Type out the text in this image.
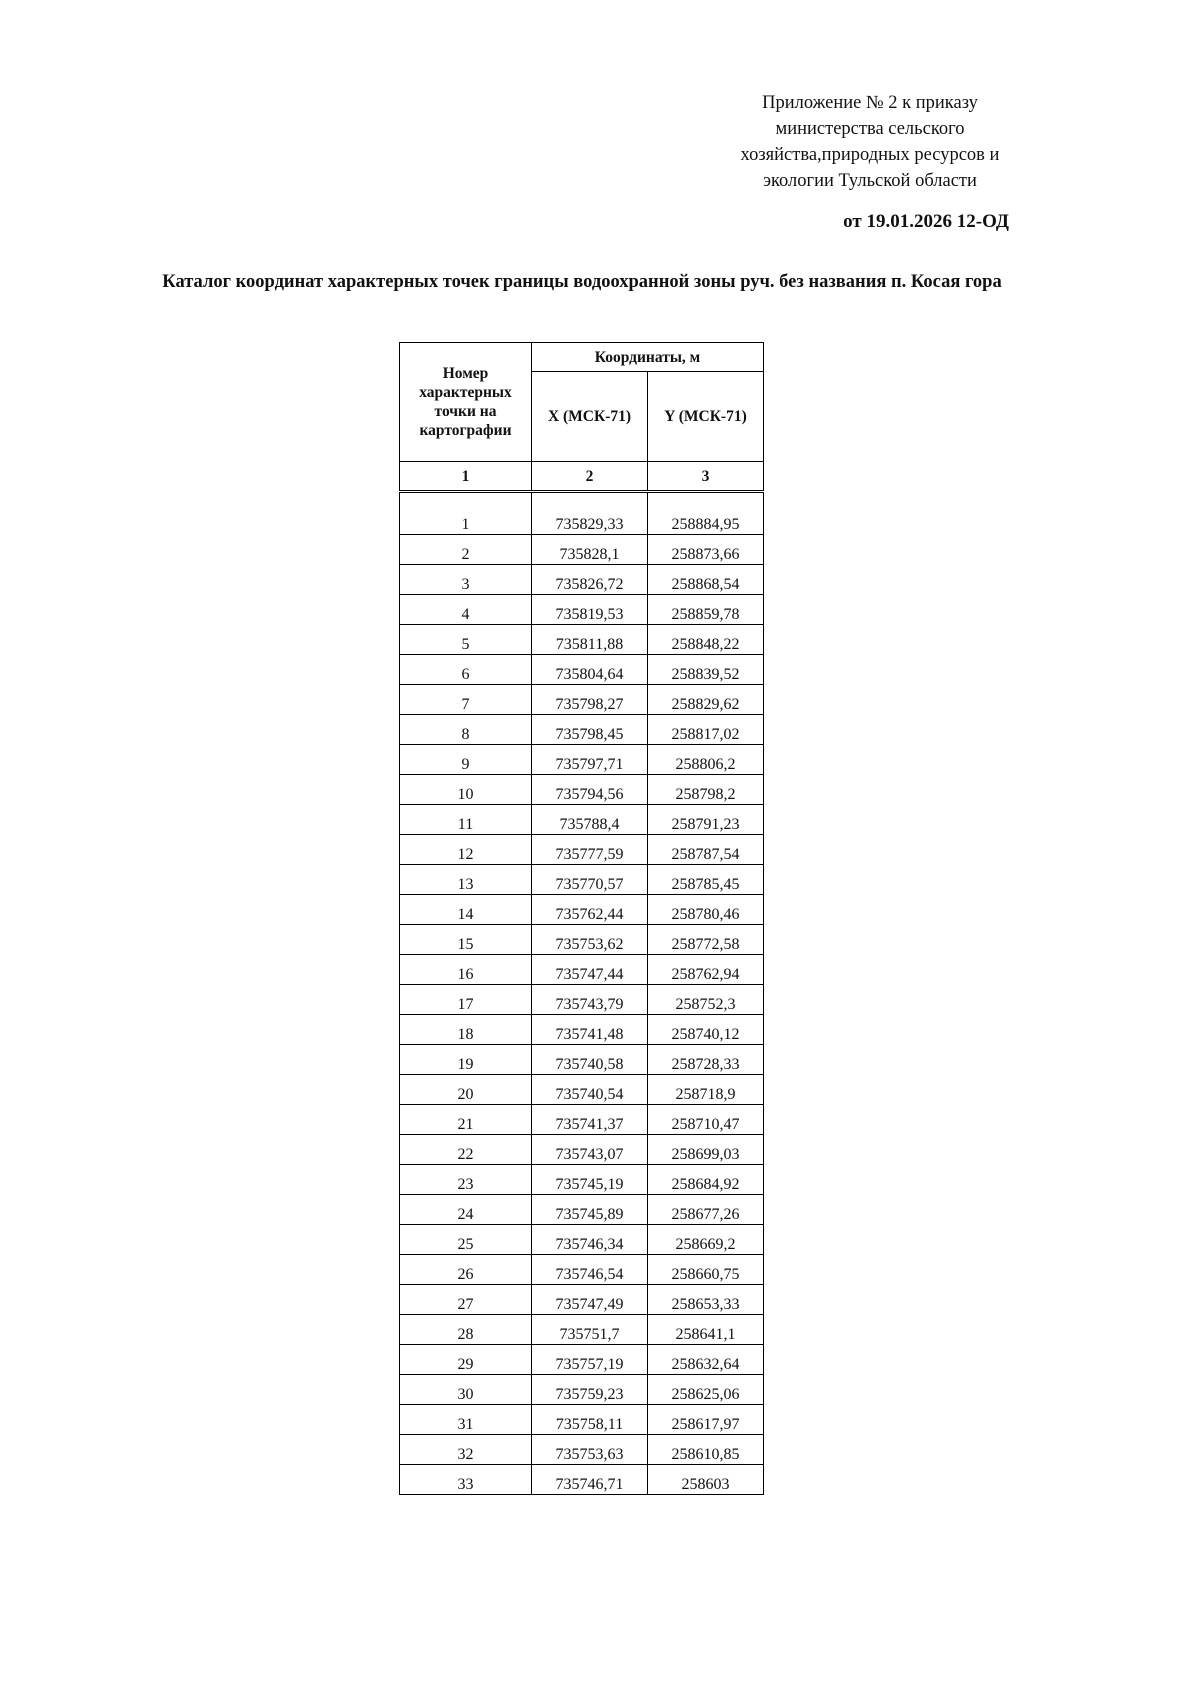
Приложение № 2 к приказу
министерства сельского
хозяйства,природных ресурсов и
экологии Тульской области
от 19.01.2026 12-ОД
Каталог координат характерных точек границы водоохранной зоны руч. без названия п. Косая гора
Номер характерных точки на картографии	Координаты, м	
	X (МСК-71)	Y (МСК-71)
1	2	3
1	735829,33	258884,95
2	735828,1	258873,66
3	735826,72	258868,54
4	735819,53	258859,78
5	735811,88	258848,22
6	735804,64	258839,52
7	735798,27	258829,62
8	735798,45	258817,02
9	735797,71	258806,2
10	735794,56	258798,2
11	735788,4	258791,23
12	735777,59	258787,54
13	735770,57	258785,45
14	735762,44	258780,46
15	735753,62	258772,58
16	735747,44	258762,94
17	735743,79	258752,3
18	735741,48	258740,12
19	735740,58	258728,33
20	735740,54	258718,9
21	735741,37	258710,47
22	735743,07	258699,03
23	735745,19	258684,92
24	735745,89	258677,26
25	735746,34	258669,2
26	735746,54	258660,75
27	735747,49	258653,33
28	735751,7	258641,1
29	735757,19	258632,64
30	735759,23	258625,06
31	735758,11	258617,97
32	735753,63	258610,85
33	735746,71	258603
